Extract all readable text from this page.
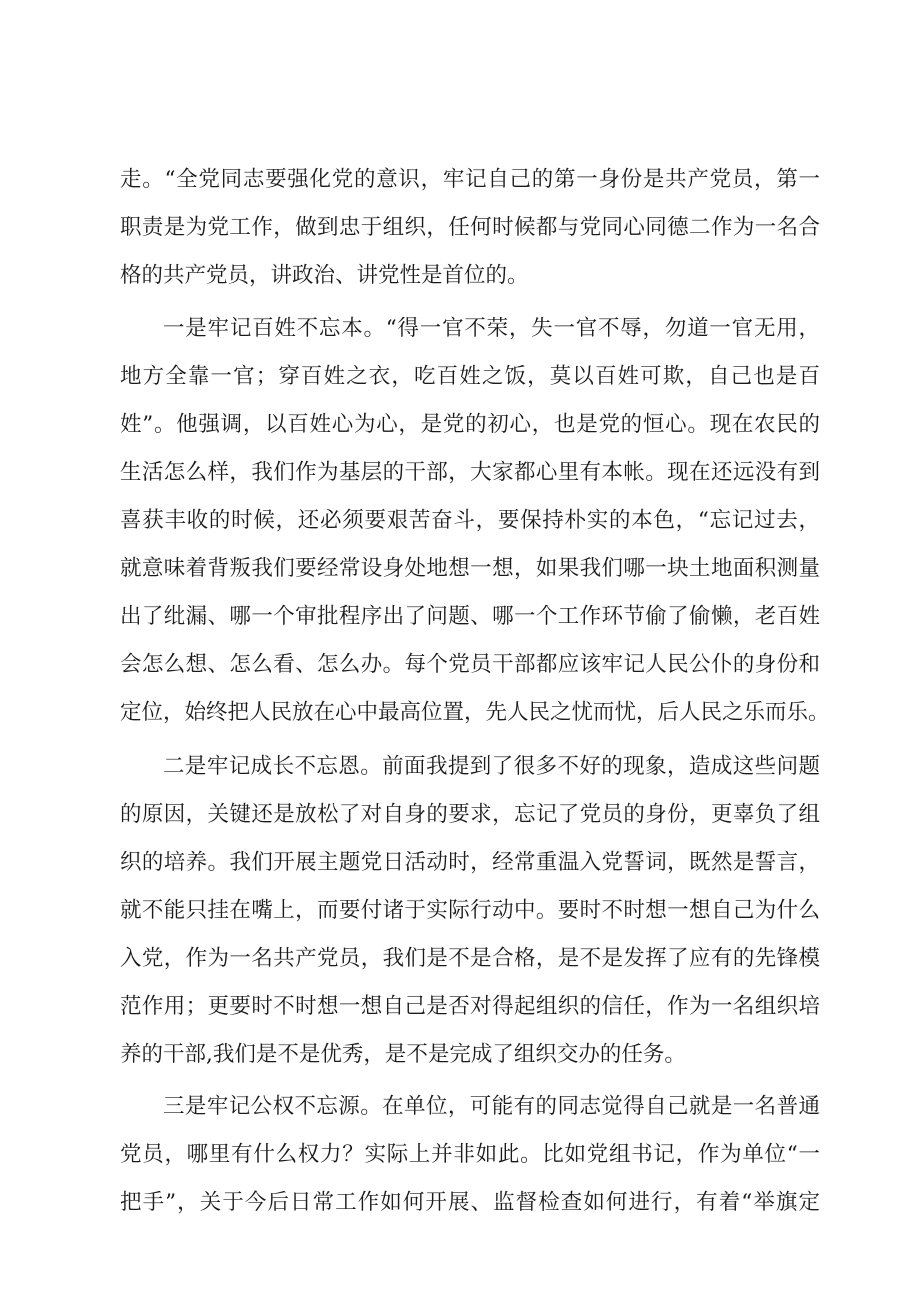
走。“全党同志要强化党的意识，牢记自己的第一身份是共产党员，第一
职责是为党工作，做到忠于组织，任何时候都与党同心同德二作为一名合
格的共产党员，讲政治、讲党性是首位的。
一是牢记百姓不忘本。“得一官不荣，失一官不辱，勿道一官无用，
地方全靠一官；穿百姓之衣，吃百姓之饭，莫以百姓可欺，自己也是百
姓”。他强调，以百姓心为心，是党的初心，也是党的恒心。现在农民的
生活怎么样，我们作为基层的干部，大家都心里有本帐。现在还远没有到
喜获丰收的时候，还必须要艰苦奋斗，要保持朴实的本色，“忘记过去，
就意味着背叛我们要经常设身处地想一想，如果我们哪一块土地面积测量
出了纰漏、哪一个审批程序出了问题、哪一个工作环节偷了偷懒，老百姓
会怎么想、怎么看、怎么办。每个党员干部都应该牢记人民公仆的身份和
定位，始终把人民放在心中最高位置，先人民之忧而忧，后人民之乐而乐。
二是牢记成长不忘恩。前面我提到了很多不好的现象，造成这些问题
的原因，关键还是放松了对自身的要求，忘记了党员的身份，更辜负了组
织的培养。我们开展主题党日活动时，经常重温入党誓词，既然是誓言，
就不能只挂在嘴上，而要付诸于实际行动中。要时不时想一想自己为什么
入党，作为一名共产党员，我们是不是合格，是不是发挥了应有的先锋模
范作用；更要时不时想一想自己是否对得起组织的信任，作为一名组织培
养的干部,我们是不是优秀，是不是完成了组织交办的任务。
三是牢记公权不忘源。在单位，可能有的同志觉得自己就是一名普通
党员，哪里有什么权力？实际上并非如此。比如党组书记，作为单位“一
把手”，关于今后日常工作如何开展、监督检查如何进行，有着“举旗定
